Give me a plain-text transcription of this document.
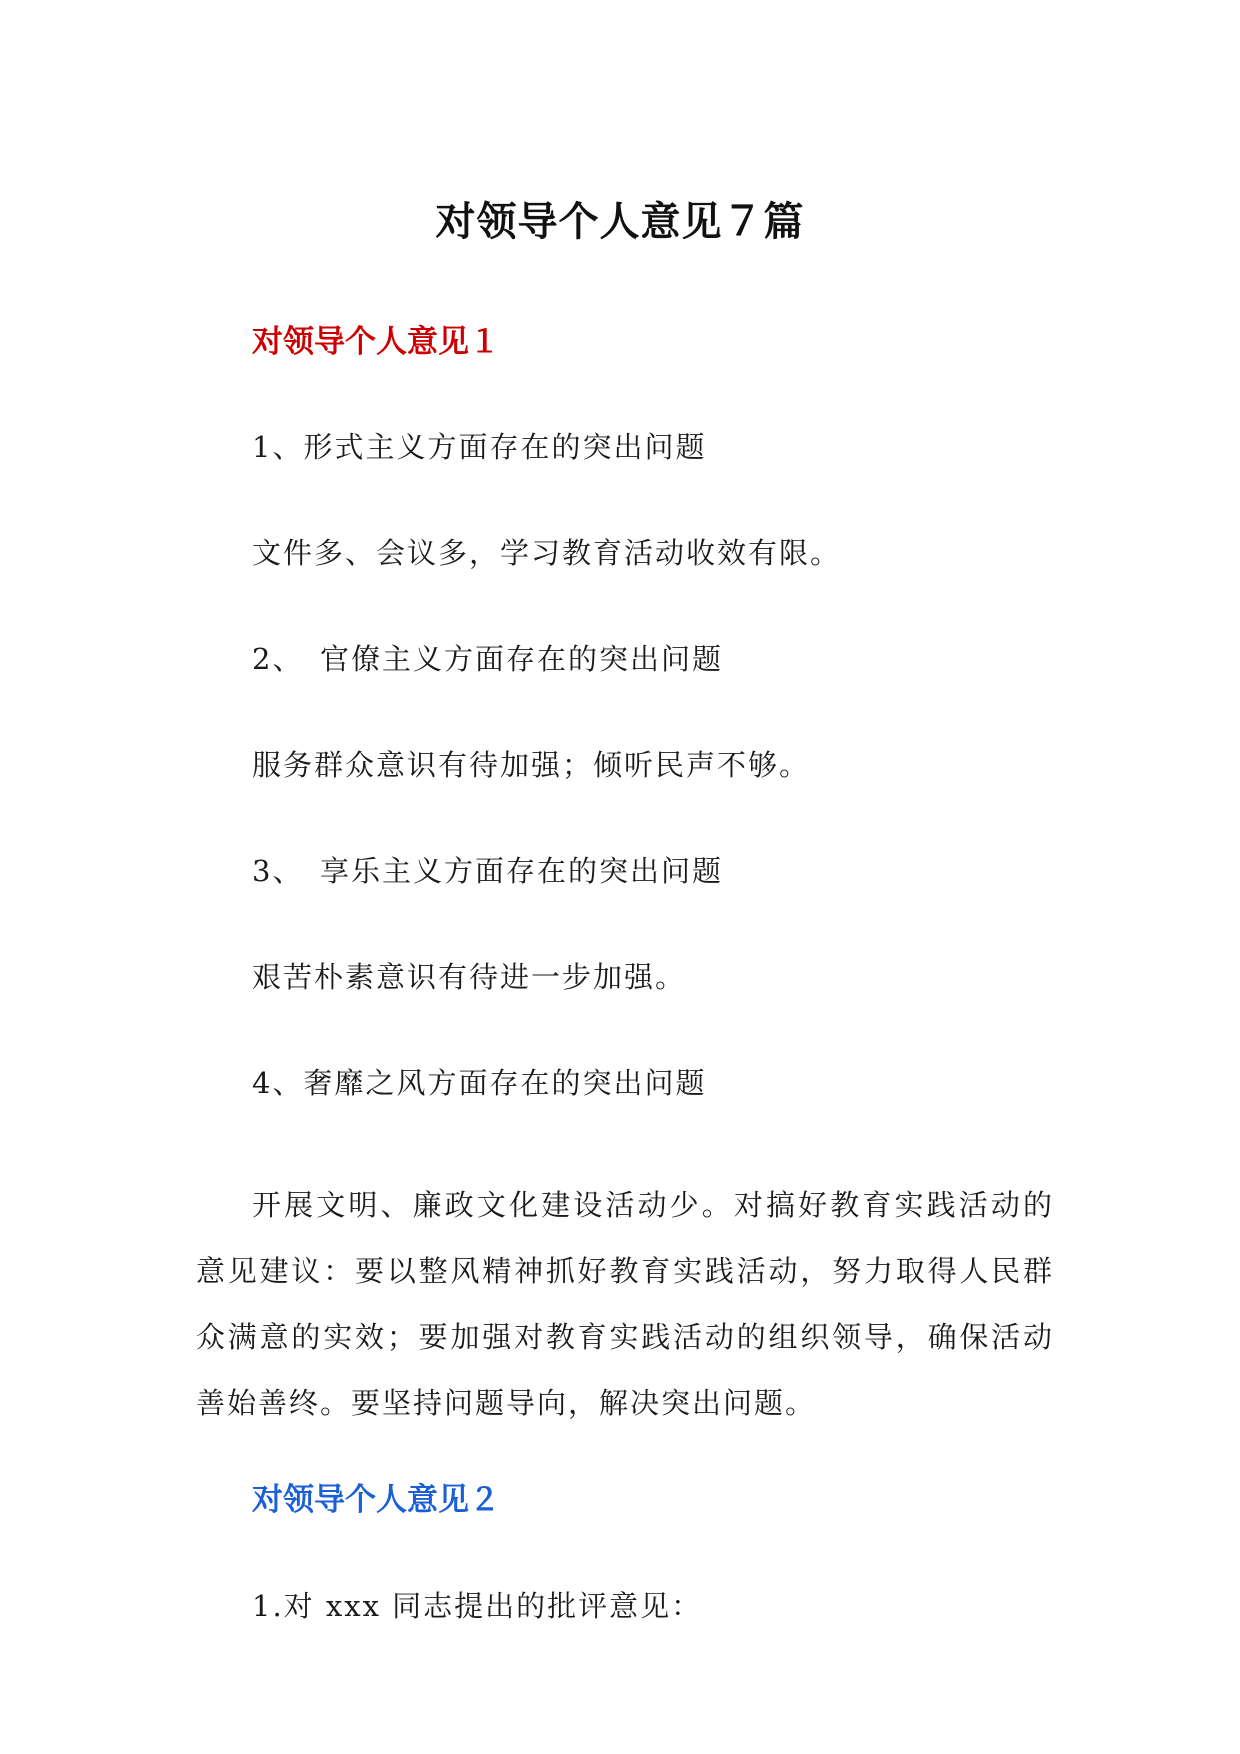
对领导个人意见７篇
对领导个人意见１
1、形式主义方面存在的突出问题
文件多、会议多，学习教育活动收效有限。
2、　官僚主义方面存在的突出问题
服务群众意识有待加强；倾听民声不够。
3、　享乐主义方面存在的突出问题
艰苦朴素意识有待进一步加强。
4、奢靡之风方面存在的突出问题
开展文明、廉政文化建设活动少。对搞好教育实践活动的意见建议：要以整风精神抓好教育实践活动，努力取得人民群众满意的实效；要加强对教育实践活动的组织领导，确保活动善始善终。要坚持问题导向，解决突出问题。
对领导个人意见２
1.对 xxx 同志提出的批评意见：
